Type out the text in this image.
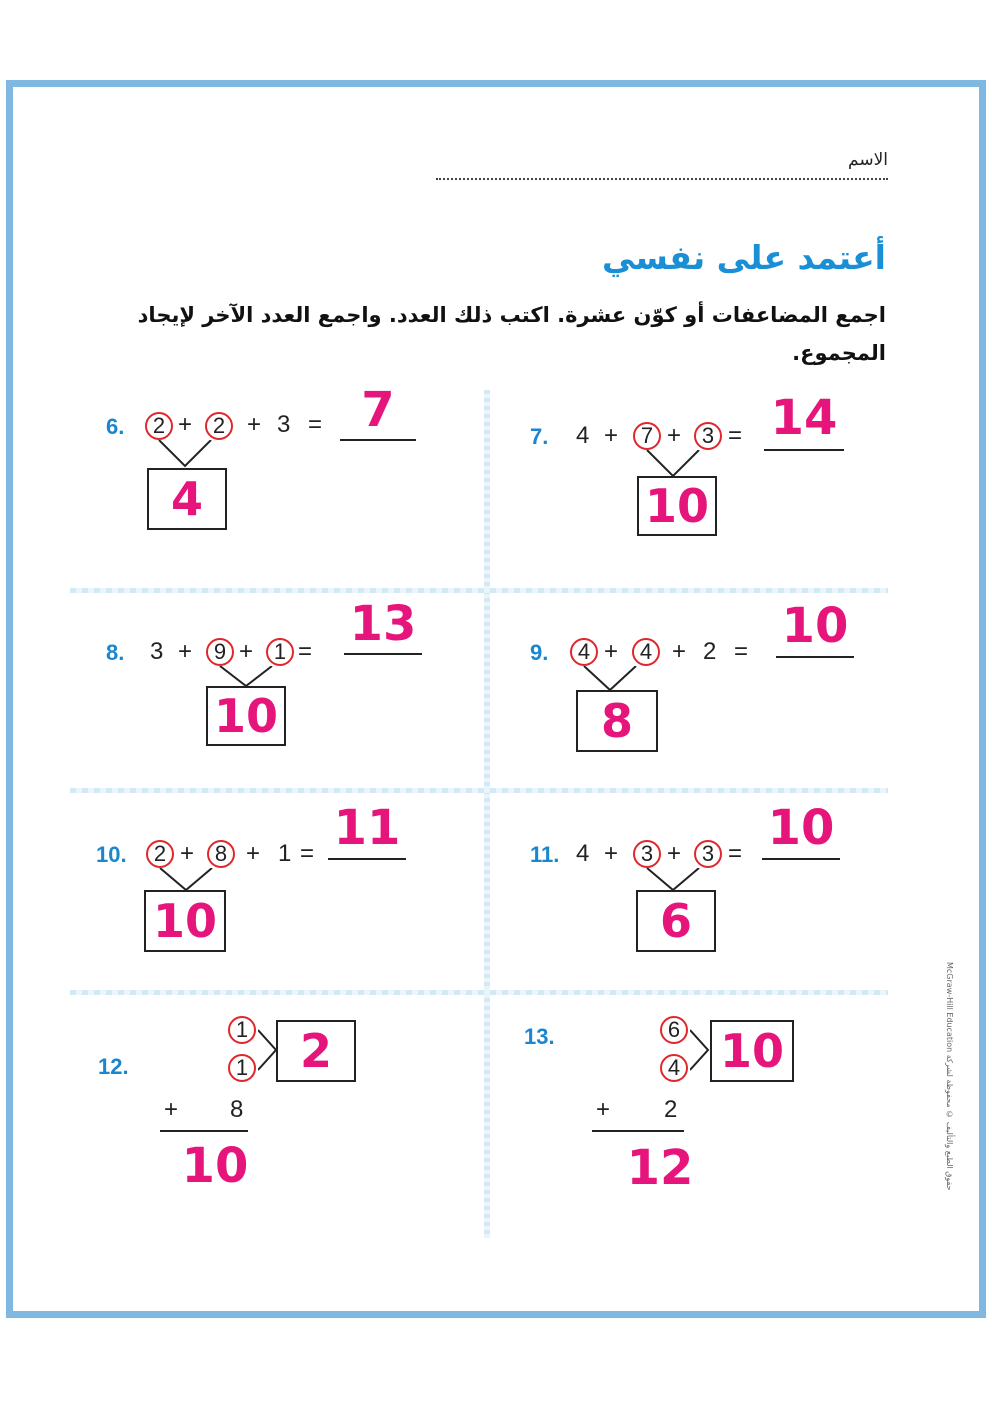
الاسم
أعتمد على نفسي
اجمع المضاعفات أو كوّن عشرة. اكتب ذلك العدد. واجمع العدد الآخر لإيجاد المجموع.
6.	2 + 2 + 3 = 7
4
7. 4 +	7 + 3 = 14
10
8. 3 + 9 + 1 = 13
10
9.	4 + 4 + 2 = 10
8
10.	2 + 8 + 1 = 11
10
11. 4 +	3 + 3 = 10
6
12.
1
1	2
+ 8
10
13.	6
4 10
+ 2
12
McGraw-Hill Education حقوق الطبع والتأليف © محفوظة لشركة
